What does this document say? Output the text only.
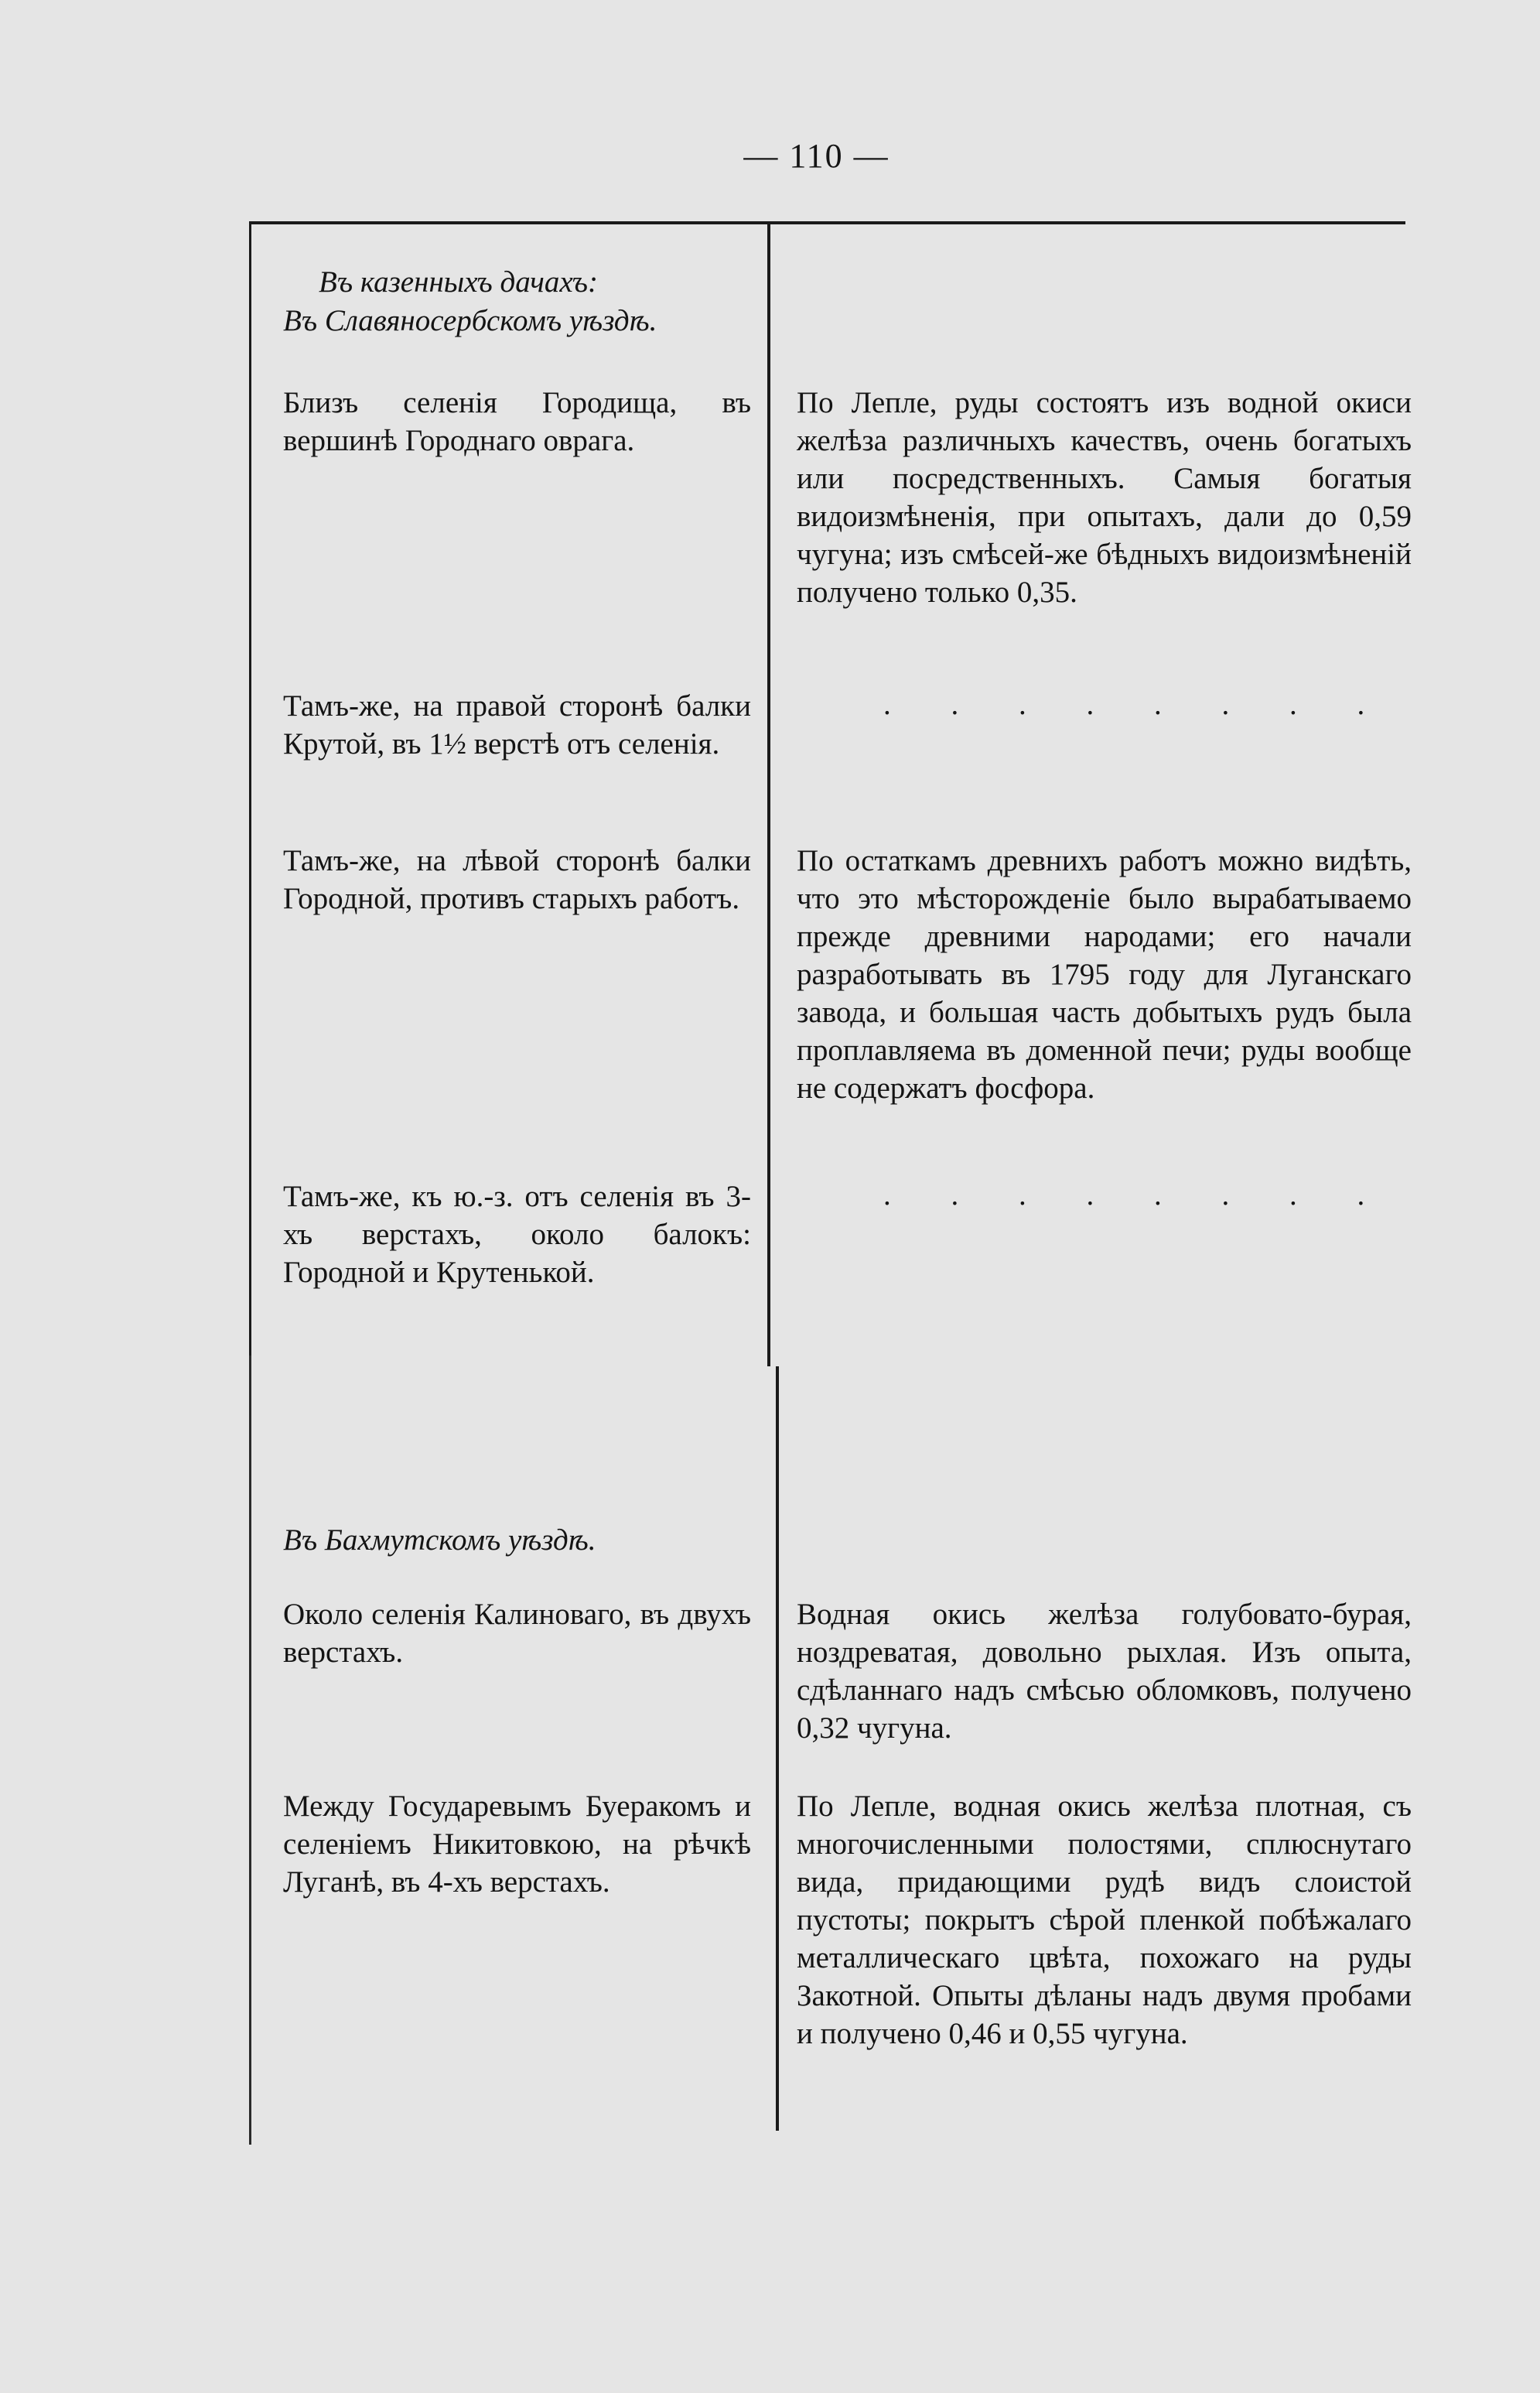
— 110 —
Въ казенныхъ дачахъ:
Въ Славяносербскомъ уѣздѣ.
Близъ селенія Городища, въ вершинѣ Городнаго оврага.
По Лепле, руды состоятъ изъ водной окиси желѣза различныхъ качествъ, очень богатыхъ или посредственныхъ. Самыя богатыя видоизмѣненія, при опытахъ, дали до 0,59 чугуна; изъ смѣсей-же бѣдныхъ видоизмѣненій получено только 0,35.
Тамъ-же, на правой сторонѣ балки Крутой, въ 1½ верстѣ отъ селенія.
. . . . . . . .
Тамъ-же, на лѣвой сторонѣ балки Городной, противъ старыхъ работъ.
По остаткамъ древнихъ работъ можно видѣть, что это мѣсторожденіе было вырабатываемо прежде древними народами; его начали разработывать въ 1795 году для Луганскаго завода, и большая часть добытыхъ рудъ была проплавляема въ доменной печи; руды вообще не содержатъ фосфора.
Тамъ-же, къ ю.-з. отъ селенія въ 3-хъ верстахъ, около балокъ: Городной и Крутенькой.
. . . . . . . .
Въ Бахмутскомъ уѣздѣ.
Около селенія Калиноваго, въ двухъ верстахъ.
Водная окись желѣза голубовато-бурая, ноздреватая, довольно рыхлая. Изъ опыта, сдѣланнаго надъ смѣсью обломковъ, получено 0,32 чугуна.
Между Государевымъ Буеракомъ и селеніемъ Никитовкою, на рѣчкѣ Луганѣ, въ 4-хъ верстахъ.
По Лепле, водная окись желѣза плотная, съ многочисленными полостями, сплюснутаго вида, придающими рудѣ видъ слоистой пустоты; покрытъ сѣрой пленкой побѣжалаго металлическаго цвѣта, похожаго на руды Закотной. Опыты дѣланы надъ двумя пробами и получено 0,46 и 0,55 чугуна.
